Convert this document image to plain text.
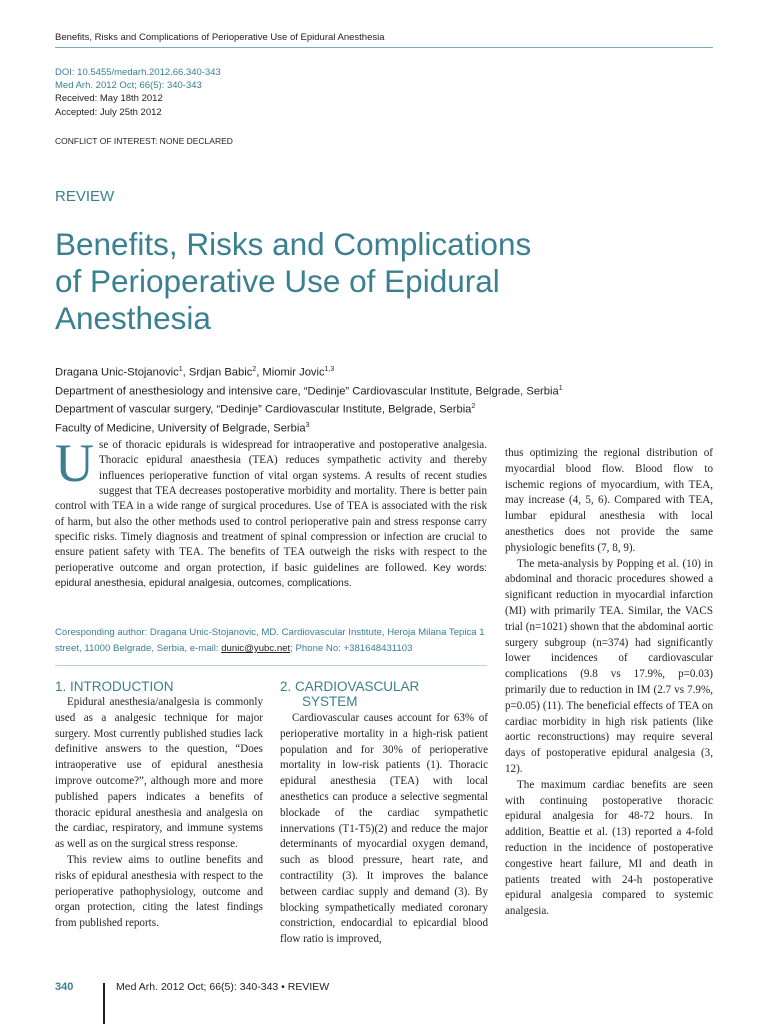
Benefits, Risks and Complications of Perioperative Use of Epidural Anesthesia
DOI: 10.5455/medarh.2012.66.340-343
Med Arh. 2012 Oct; 66(5): 340-343
Received: May 18th 2012
Accepted: July 25th 2012
CONFLICT OF INTEREST: NONE DECLARED
REVIEW
Benefits, Risks and Complications
of Perioperative Use of Epidural
Anesthesia
Dragana Unic-Stojanovic$^1$, Srdjan Babic$^2$, Miomir Jovic$^{1,3}$
Department of anesthesiology and intensive care, “Dedinje” Cardiovascular Institute, Belgrade, Serbia$^1$
Department of vascular surgery, “Dedinje” Cardiovascular Institute, Belgrade, Serbia$^2$
Faculty of Medicine, University of Belgrade, Serbia$^3$
Use of thoracic epidurals is widespread for intraoperative and postoperative analgesia. Thoracic epidural anaesthesia (TEA) reduces sympathetic activity and thereby influences perioperative function of vital organ systems. A results of recent studies suggest that TEA decreases postoperative morbidity and mortality. There is better pain control with TEA in a wide range of surgical procedures. Use of TEA is associated with the risk of harm, but also the other methods used to control perioperative pain and stress response carry specific risks. Timely diagnosis and treatment of spinal compression or infection are crucial to ensure patient safety with TEA. The benefits of TEA outweigh the risks with respect to the perioperative outcome and organ protection, if basic guidelines are followed. Key words: epidural anesthesia, epidural analgesia, outcomes, complications.
Coresponding author: Dragana Unic-Stojanovic, MD. Cardiovascular Institute, Heroja Milana Tepica 1
street, 11000 Belgrade, Serbia, e-mail: dunic@yubc.net; Phone No: +381648431103
1. INTRODUCTION	2. CARDIOVASCULAR
SYSTEM

Epidural anesthesia/analgesia is commonly used as a analgesic technique for major surgery. Most currently published studies lack definitive answers to the question, “Does intraoperative use of epidural anesthesia improve outcome?”, although more and more published papers indicates a benefits of thoracic epidural anesthesia and analgesia on the cardiac, respiratory, and immune systems as well as on the surgical stress response.

This review aims to outline benefits and risks of epidural anesthesia with respect to the perioperative pathophysiology, outcome and organ protection, citing the latest findings from published reports.

Cardiovascular causes account for 63% of perioperative mortality in a high-risk patient population and for 30% of perioperative mortality in low-risk patients (1). Thoracic epidural anesthesia (TEA) with local anesthetics can produce a selective segmental blockade of the cardiac sympathetic innervations (T1-T5)(2) and reduce the major determinants of myocardial oxygen demand, such as blood pressure, heart rate, and contractility (3). It improves the balance between cardiac supply and demand (3). By blocking sympathetically mediated coronary constriction, endocardial to epicardial blood flow ratio is improved,

thus optimizing the regional distribution of myocardial blood flow. Blood flow to ischemic regions of myocardium, with TEA, may increase (4, 5, 6). Compared with TEA, lumbar epidural anesthesia with local anesthetics does not provide the same physiologic benefits (7, 8, 9).

The meta-analysis by Popping et al. (10) in abdominal and thoracic procedures showed a significant reduction in myocardial infarction (MI) with primarily TEA. Similar, the VACS trial (n=1021) shown that the abdominal aortic surgery subgroup (n=374) had significantly lower incidences of cardiovascular complications (9.8 vs 17.9%, p=0.03) primarily due to reduction in IM (2.7 vs 7.9%, p=0.05) (11). The beneficial effects of TEA on cardiac morbidity in high risk patients (like aortic reconstructions) may require several days of postoperative epidural analgesia (3, 12).

The maximum cardiac benefits are seen with continuing postoperative thoracic epidural analgesia for 48-72 hours. In addition, Beattie et al. (13) reported a 4-fold reduction in the incidence of postoperative congestive heart failure, MI and death in patients treated with 24-h postoperative epidural analgesia compared to systemic analgesia.

340	Med Arh. 2012 Oct; 66(5): 340-343 • REVIEW
